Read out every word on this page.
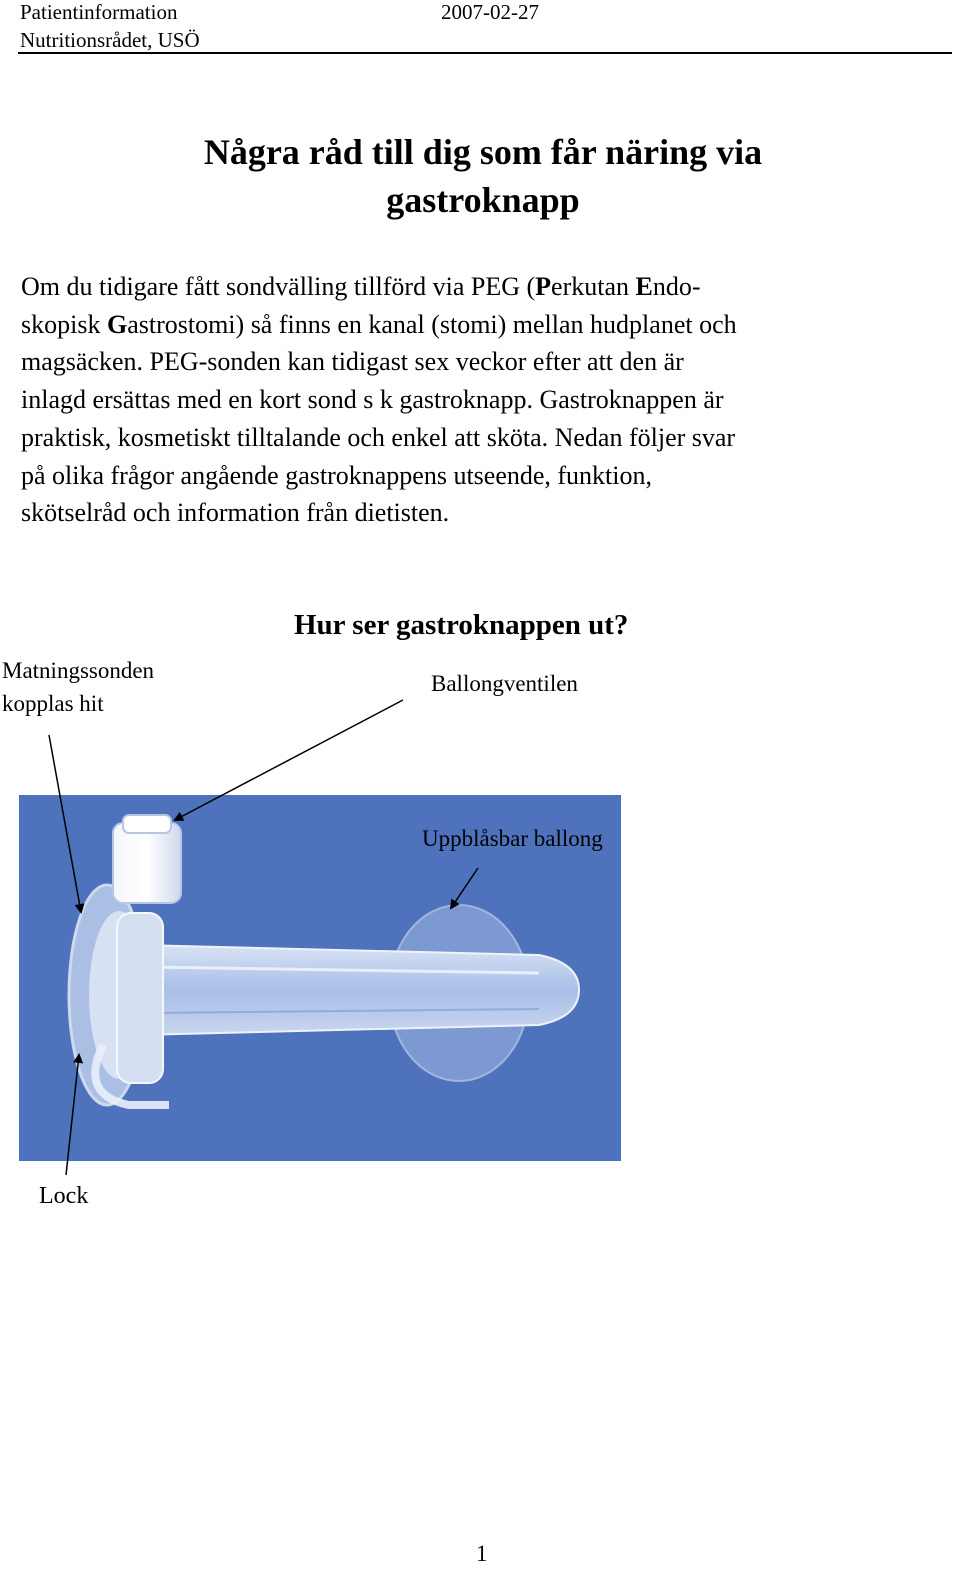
Patientinformation	2007-02-27
Nutritionsrådet, USÖ
Några råd till dig som får näring via
gastroknapp
Om du tidigare fått sondvälling tillförd via PEG (Perkutan Endo-
skopisk Gastrostomi) så finns en kanal (stomi) mellan hudplanet och
magsäcken. PEG-sonden kan tidigast sex veckor efter att den är
inlagd ersättas med en kort sond s k gastroknapp. Gastroknappen är
praktisk, kosmetiskt tilltalande och enkel att sköta. Nedan följer svar
på olika frågor angående gastroknappens utseende, funktion,
skötselråd och information från dietisten.
Hur ser gastroknappen ut?
Matningssonden
kopplas hit
Ballongventilen
Uppblåsbar ballong
Lock
1
